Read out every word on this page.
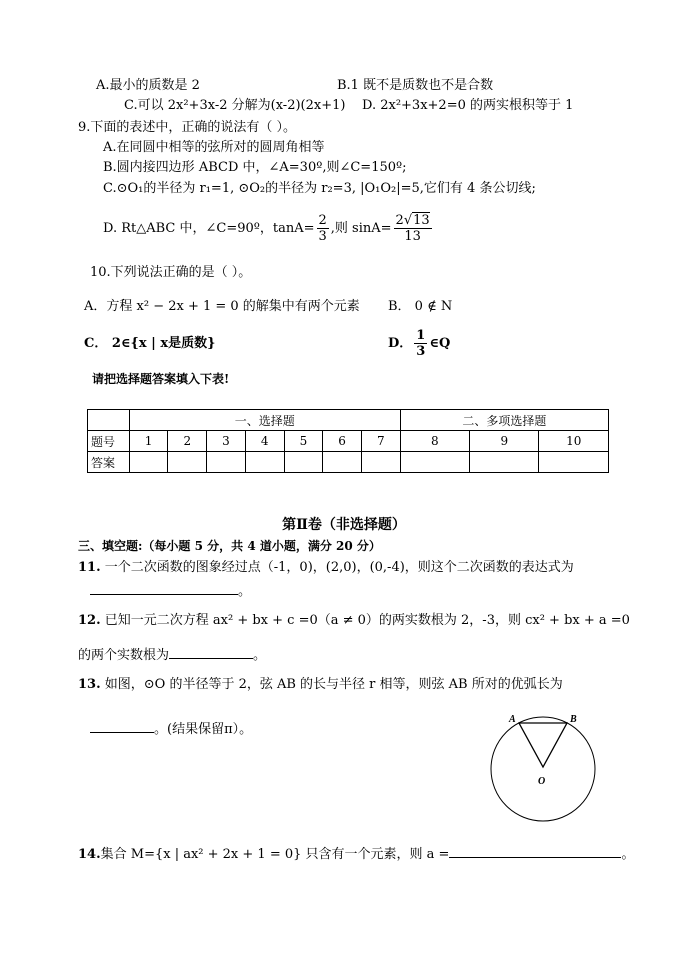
A.最小的质数是 2	B.1 既不是质数也不是合数
C.可以 2x²+3x-2 分解为(x-2)(2x+1) D. 2x²+3x+2=0 的两实根积等于 1
9.下面的表述中，正确的说法有（ ）。
A.在同圆中相等的弦所对的圆周角相等
B.圆内接四边形 ABCD 中，∠A=30º,则∠C=150º;
C.⊙O₁的半径为 r₁=1, ⊙O₂的半径为 r₂=3, |O₁O₂|=5,它们有 4 条公切线;
D. Rt△ABC 中，∠C=90º，$\tan A= \frac{2}{3}$ ,则 $\sin A= \frac{2√13}{13}$
10.下列说法正确的是（ ）。
A．方程 x² − 2x + 1 = 0 的解集中有两个元素 B． 0 ∉ N
C． 2∈{x | x是质数}	D． $\frac{1}{3}$ ∈Q
请把选择题答案填入下表!
	一、选择题							二、多项选择题		
题号	1	2	3	4	5	6	7	8	9	10
答案										
第Ⅱ卷（非选择题）
三、填空题:（每小题 5 分，共 4 道小题，满分 20 分）
11. 一个二次函数的图象经过点（-1，0)，(2,0)，(0,-4)，则这个二次函数的表达式为
。
12. 已知一元二次方程 ax² + bx + c =0（a ≠ 0）的两实数根为 2，-3，则 cx² + bx + a =0
的两个实数根为	。
13. 如图，⊙O 的半径等于 2，弦 AB 的长与半径 r 相等，则弦 AB 所对的优弧长为
。(结果保留π）。
A	B
O
14.集合 M={x | ax² + 2x + 1 = 0} 只含有一个元素，则 a =	。
